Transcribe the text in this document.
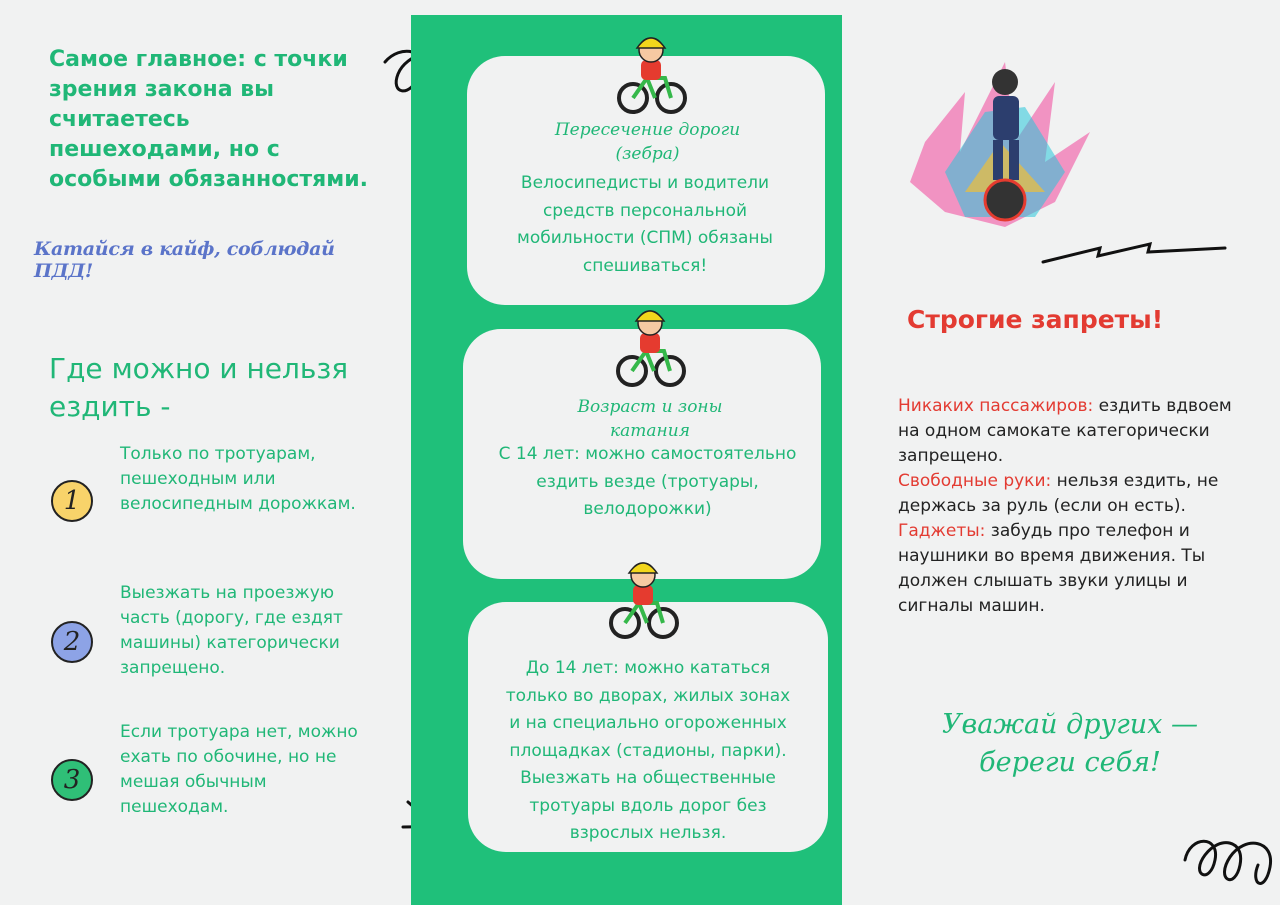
Самое главное: с точки зрения закона вы считаетесь пешеходами, но с особыми обязанностями.
Катайся в кайф, соблюдай ПДД!
Где можно и нельзя ездить -
1
Только по тротуарам, пешеходным или велосипедным дорожкам.
2
Выезжать на проезжую часть (дорогу, где ездят машины) категорически запрещено.
3
Если тротуара нет, можно ехать по обочине, но не мешая обычным пешеходам.
Пересечение дороги (зебра)
Велосипедисты и водители средств персональной мобильности (СПМ) обязаны спешиваться!
Возраст и зоны катания
С 14 лет: можно самостоятельно ездить везде (тротуары, велодорожки)
До 14 лет: можно кататься только во дворах, жилых зонах и на специально огороженных площадках (стадионы, парки). Выезжать на общественные тротуары вдоль дорог без взрослых нельзя.
Строгие запреты!
Никаких пассажиров: ездить вдвоем на одном самокате категорически запрещено.
Свободные руки: нельзя ездить, не держась за руль (если он есть).
Гаджеты: забудь про телефон и наушники во время движения. Ты должен слышать звуки улицы и сигналы машин.
Уважай других — береги себя!
